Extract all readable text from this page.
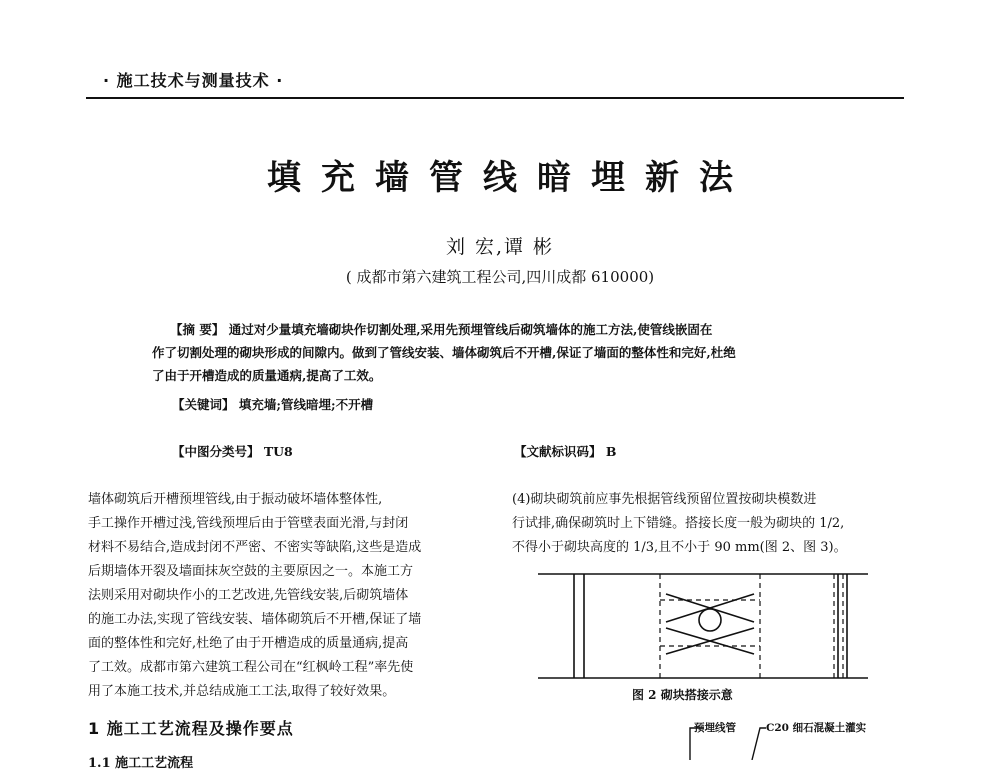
· 施工技术与测量技术 ·
填充墙管线暗埋新法
刘 宏,谭 彬
( 成都市第六建筑工程公司,四川成都 610000)

【摘 要】 通过对少量填充墙砌块作切割处理,采用先预埋管线后砌筑墙体的施工方法,使管线嵌固在

作了切割处理的砌块形成的间隙内。做到了管线安装、墙体砌筑后不开槽,保证了墙面的整体性和完好,杜绝

了由于开槽造成的质量通病,提高了工效。

【关键词】 填充墙;管线暗埋;不开槽
【中图分类号】 TU8	【文献标识码】 B
墙体砌筑后开槽预埋管线,由于振动破坏墙体整体性,
手工操作开槽过浅,管线预埋后由于管壁表面光滑,与封闭
材料不易结合,造成封闭不严密、不密实等缺陷,这些是造成
后期墙体开裂及墙面抹灰空鼓的主要原因之一。本施工方
法则采用对砌块作小的工艺改进,先管线安装,后砌筑墙体
的施工办法,实现了管线安装、墙体砌筑后不开槽,保证了墙
面的整体性和完好,杜绝了由于开槽造成的质量通病,提高
了工效。成都市第六建筑工程公司在“红枫岭工程”率先使
用了本施工技术,并总结成施工工法,取得了较好效果。
1 施工工艺流程及操作要点
1.1 施工工艺流程
(4)砌块砌筑前应事先根据管线预留位置按砌块模数进
行试排,确保砌筑时上下错缝。搭接长度一般为砌块的 1/2,
不得小于砌块高度的 1/3,且不小于 90 mm(图 2、图 3)。
图 2 砌块搭接示意
预埋线管	C20 细石混凝土灌实
